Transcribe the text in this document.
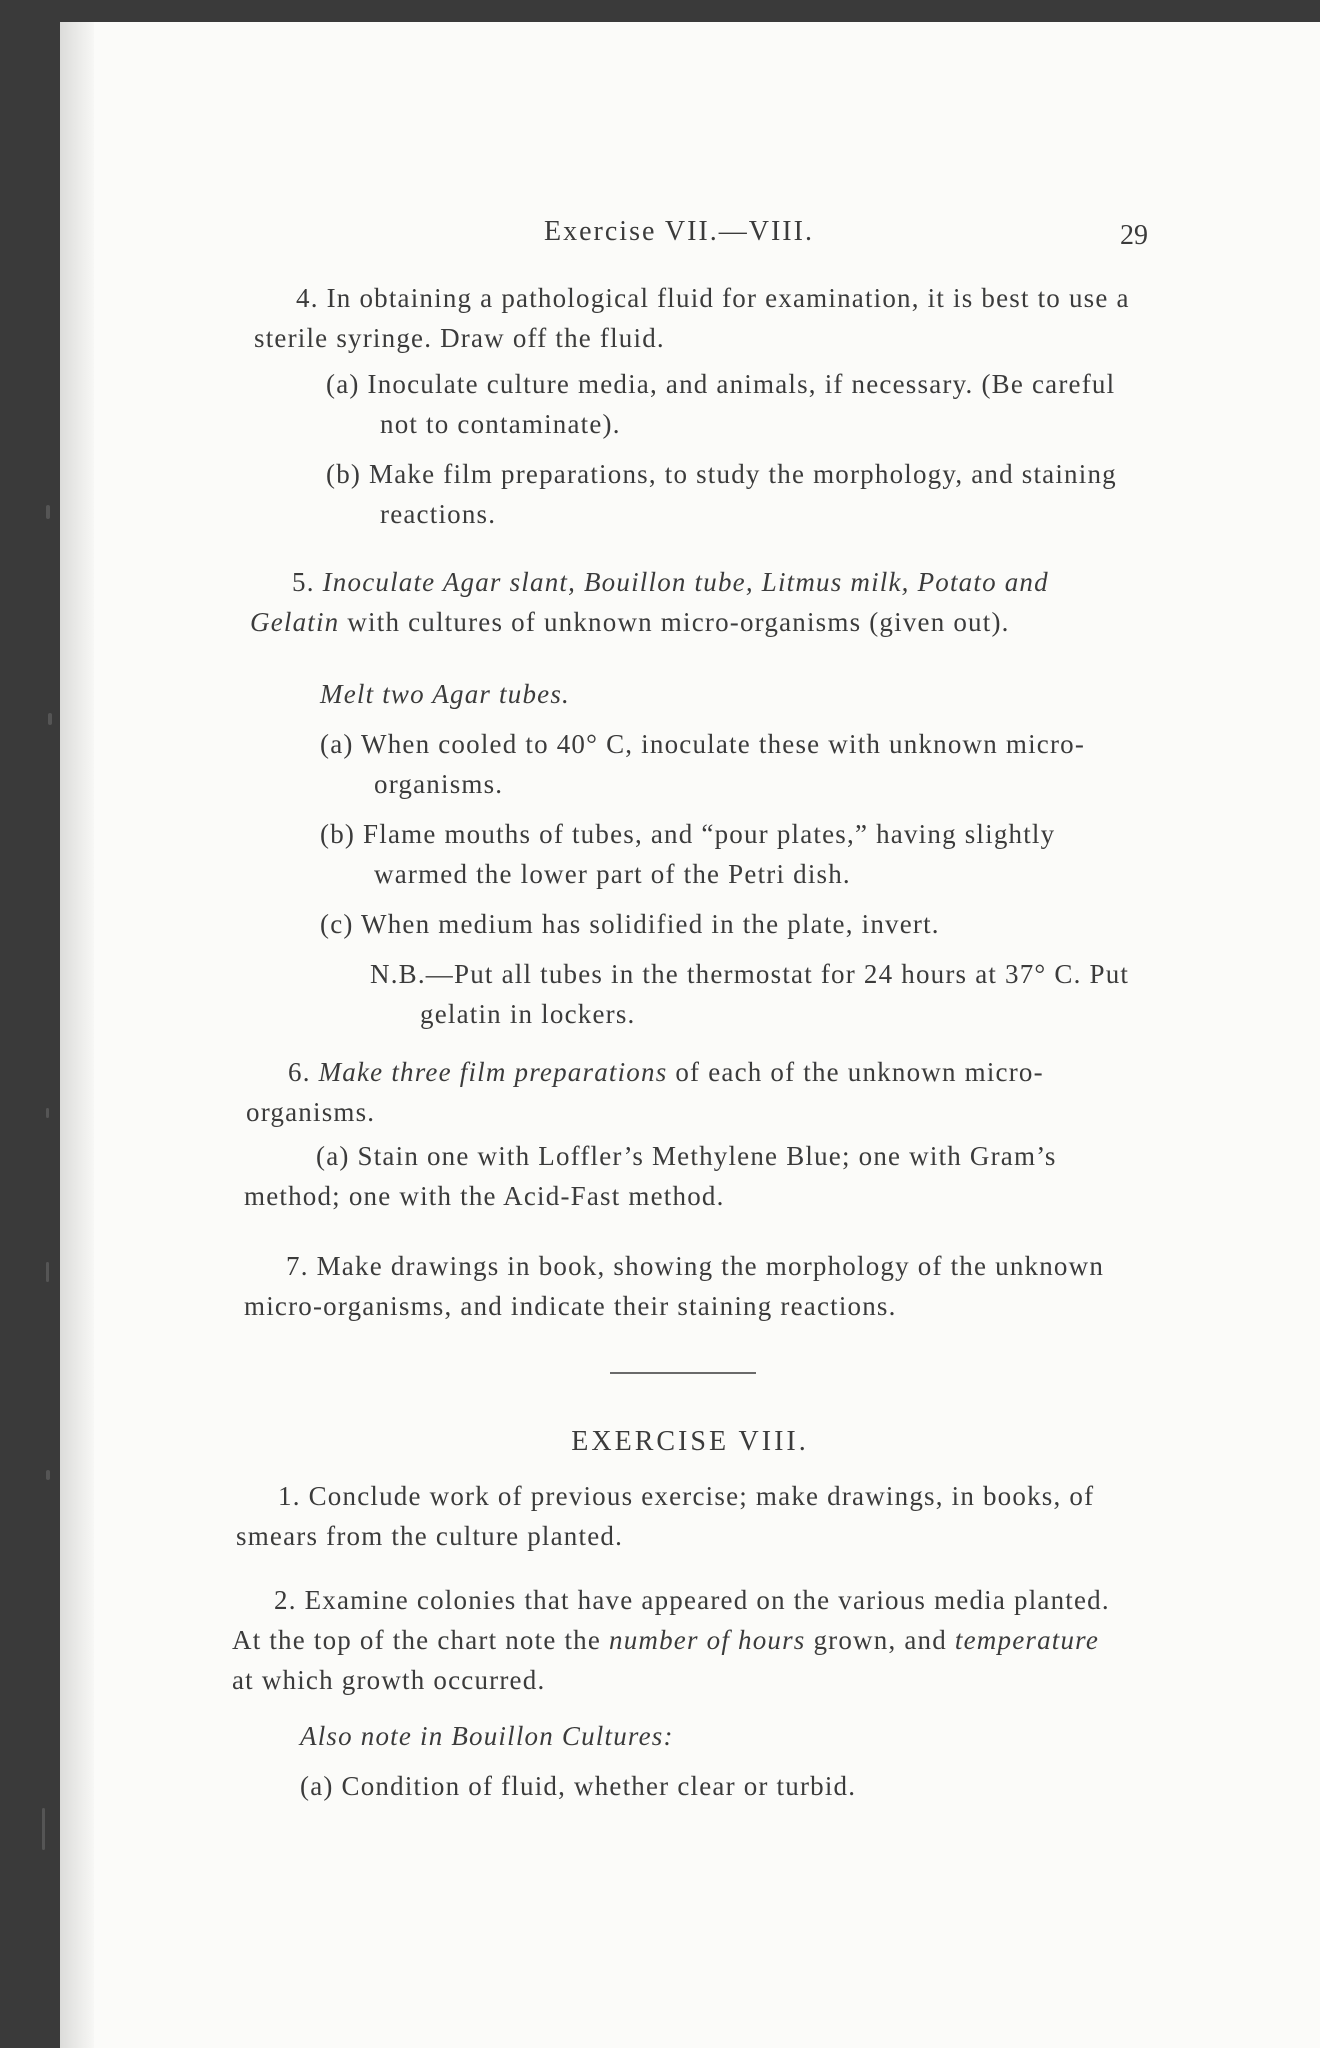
Exercise VII.—VIII.	29

4. In obtaining a pathological fluid for examination, it is best to use a sterile syringe. Draw off the fluid.

(a) Inoculate culture media, and animals, if necessary. (Be careful not to contaminate).

(b) Make film preparations, to study the morphology, and staining reactions.

5. Inoculate Agar slant, Bouillon tube, Litmus milk, Potato and Gelatin with cultures of unknown micro-organisms (given out).

Melt two Agar tubes.

(a) When cooled to 40° C, inoculate these with unknown micro-organisms.

(b) Flame mouths of tubes, and “pour plates,” having slightly warmed the lower part of the Petri dish.

(c) When medium has solidified in the plate, invert.

N.B.—Put all tubes in the thermostat for 24 hours at 37° C. Put gelatin in lockers.

6. Make three film preparations of each of the unknown micro-organisms.

(a) Stain one with Loffler’s Methylene Blue; one with Gram’s method; one with the Acid-Fast method.

7. Make drawings in book, showing the morphology of the unknown micro-organisms, and indicate their staining reactions.

EXERCISE VIII.

1. Conclude work of previous exercise; make drawings, in books, of smears from the culture planted.

2. Examine colonies that have appeared on the various media planted. At the top of the chart note the number of hours grown, and temperature at which growth occurred.

Also note in Bouillon Cultures:

(a) Condition of fluid, whether clear or turbid.
